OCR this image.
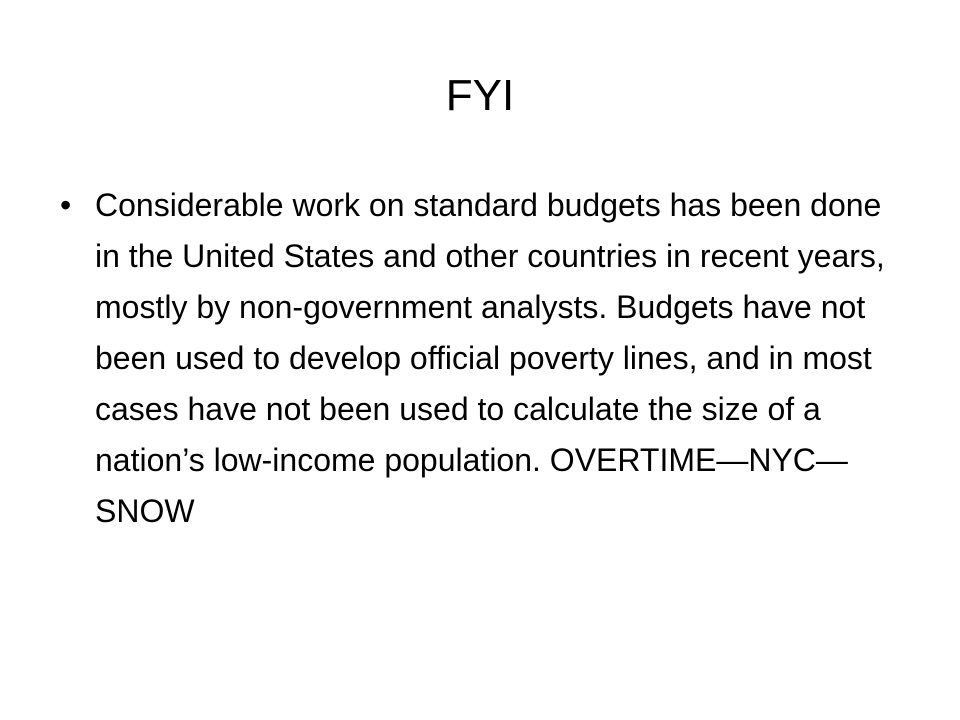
FYI
• Considerable work on standard budgets has been done in the United States and other countries in recent years, mostly by non-government analysts. Budgets have not been used to develop official poverty lines, and in most cases have not been used to calculate the size of a nation’s low-income population. OVERTIME—NYC—SNOW
